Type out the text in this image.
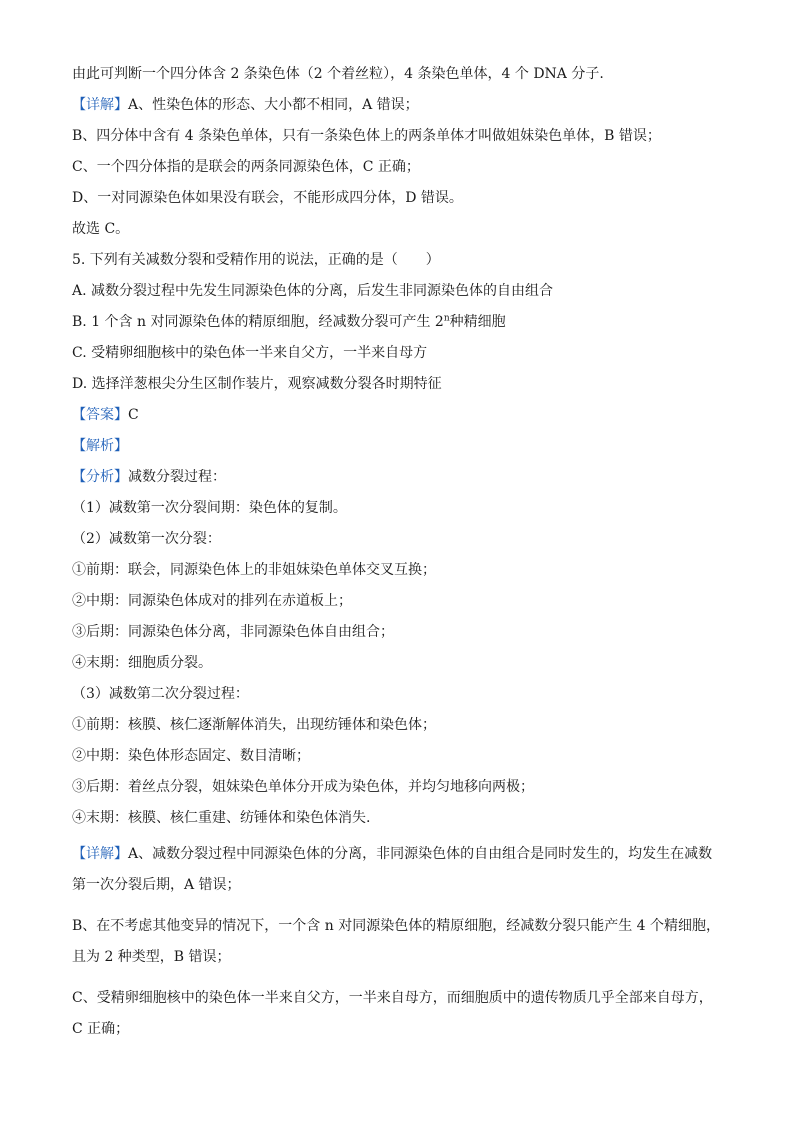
由此可判断一个四分体含 2 条染色体（2 个着丝粒），4 条染色单体，4 个 DNA 分子.
【详解】A、性染色体的形态、大小都不相同，A 错误；
B、四分体中含有 4 条染色单体，只有一条染色体上的两条单体才叫做姐妹染色单体，B 错误；
C、一个四分体指的是联会的两条同源染色体，C 正确；
D、一对同源染色体如果没有联会，不能形成四分体，D 错误。
故选 C。
5. 下列有关减数分裂和受精作用的说法，正确的是（　　）
A. 减数分裂过程中先发生同源染色体的分离，后发生非同源染色体的自由组合
B. 1 个含 n 对同源染色体的精原细胞，经减数分裂可产生 2$^n$种精细胞
C. 受精卵细胞核中的染色体一半来自父方，一半来自母方
D. 选择洋葱根尖分生区制作装片，观察减数分裂各时期特征
【答案】C
【解析】
【分析】减数分裂过程：
（1）减数第一次分裂间期：染色体的复制。
（2）减数第一次分裂：
①前期：联会，同源染色体上的非姐妹染色单体交叉互换；
②中期：同源染色体成对的排列在赤道板上；
③后期：同源染色体分离，非同源染色体自由组合；
④末期：细胞质分裂。
（3）减数第二次分裂过程：
①前期：核膜、核仁逐渐解体消失，出现纺锤体和染色体；
②中期：染色体形态固定、数目清晰；
③后期：着丝点分裂，姐妹染色单体分开成为染色体，并均匀地移向两极；
④末期：核膜、核仁重建、纺锤体和染色体消失.
【详解】A、减数分裂过程中同源染色体的分离，非同源染色体的自由组合是同时发生的，均发生在减数第一次分裂后期，A 错误；
B、在不考虑其他变异的情况下，一个含 n 对同源染色体的精原细胞，经减数分裂只能产生 4 个精细胞，且为 2 种类型，B 错误；
C、受精卵细胞核中的染色体一半来自父方，一半来自母方，而细胞质中的遗传物质几乎全部来自母方，C 正确；
